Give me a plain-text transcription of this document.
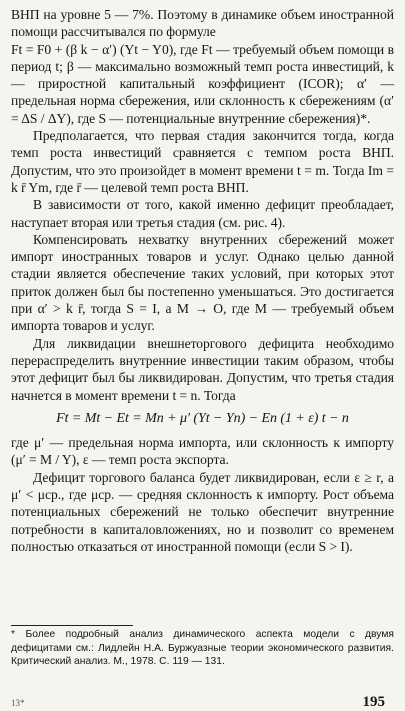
ВНП на уровне 5 — 7%. Поэтому в динамике объем иностранной помощи рассчитывался по формуле

Ft = F0 + (β k − α′) (Yt − Y0), где Ft — требуемый объем помощи в период t; β — максимально возможный темп роста инвестиций, k — приростной капитальный коэффициент (ICOR); α′ — предельная норма сбережения, или склонность к сбережениям (α′ = ΔS / ΔY), где S — потенциальные внутренние сбережения)*.

Предполагается, что первая стадия закончится тогда, когда темп роста инвестиций сравняется с темпом роста ВНП. Допустим, что это произойдет в момент времени t = m. Тогда Im = k r̄ Ym, где r̄ — целевой темп роста ВНП.

В зависимости от того, какой именно дефицит преобладает, наступает вторая или третья стадия (см. рис. 4).

Компенсировать нехватку внутренних сбережений может импорт иностранных товаров и услуг. Однако целью данной стадии является обеспечение таких условий, при которых этот приток должен был бы постепенно уменьшаться. Это достигается при α′ > k r̄, тогда S = I, а M → O, где M — требуемый объем импорта товаров и услуг.

Для ликвидации внешнеторгового дефицита необходимо перераспределить внутренние инвестиции таким образом, чтобы этот дефицит был бы ликвидирован. Допустим, что третья стадия начнется в момент времени t = n. Тогда

Ft = Mt − Et = Mn + μ′ (Yt − Yn) − En (1 + ε) t − n

где μ′ — предельная норма импорта, или склонность к импорту (μ′ = M / Y), ε — темп роста экспорта.

Дефицит торгового баланса будет ликвидирован, если ε ≥ r, а μ′ < μср., где μср. — средняя склонность к импорту. Рост объема потенциальных сбережений не только обеспечит внутренние потребности в капиталовложениях, но и позволит со временем полностью отказаться от иностранной помощи (если S > I).

* Более подробный анализ динамического аспекта модели с двумя дефицитами см.: Лидлейн Н.А. Буржуазные теории экономического развития. Критический анализ. М., 1978. С. 119 — 131.
13*	195
